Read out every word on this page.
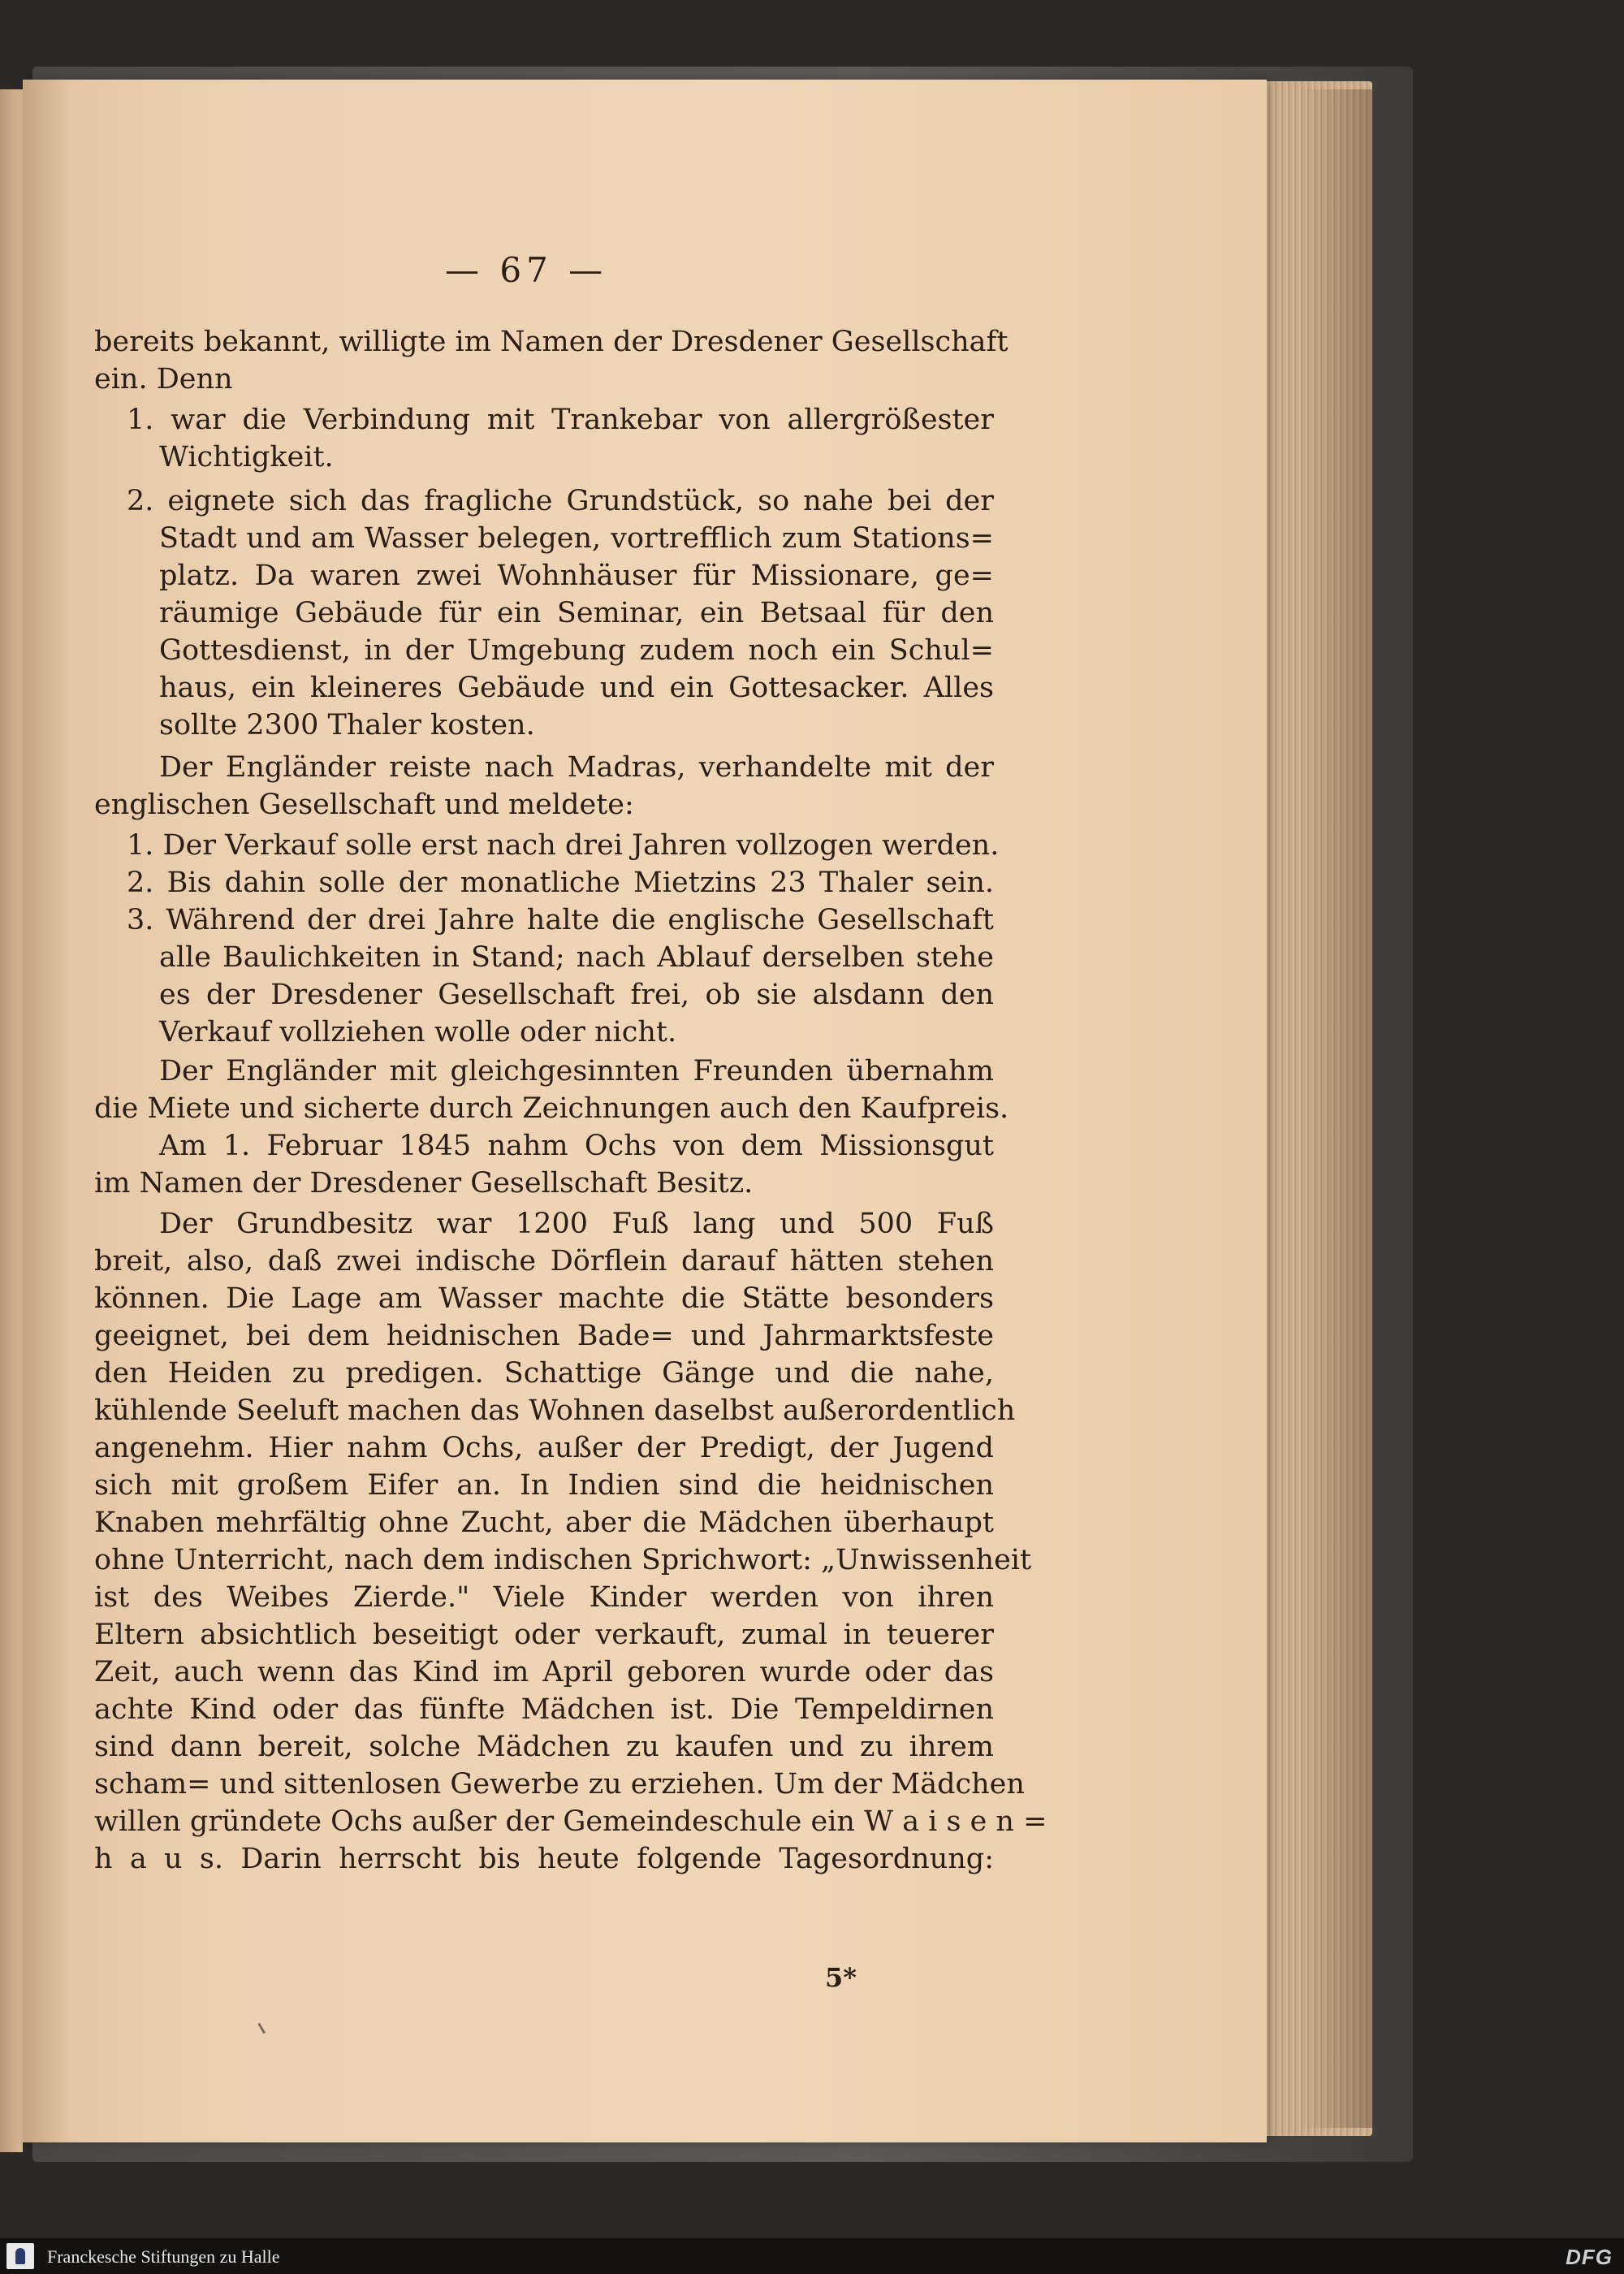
— 67 —
bereits bekannt, willigte im Namen der Dresdener Gesellschaft
ein. Denn
1. war die Verbindung mit Trankebar von allergrößester
Wichtigkeit.
2. eignete sich das fragliche Grundstück, so nahe bei der
Stadt und am Wasser belegen, vortrefflich zum Stations=
platz. Da waren zwei Wohnhäuser für Missionare, ge=
räumige Gebäude für ein Seminar, ein Betsaal für den
Gottesdienst, in der Umgebung zudem noch ein Schul=
haus, ein kleineres Gebäude und ein Gottesacker. Alles
sollte 2300 Thaler kosten.
Der Engländer reiste nach Madras, verhandelte mit der
englischen Gesellschaft und meldete:
1. Der Verkauf solle erst nach drei Jahren vollzogen werden.
2. Bis dahin solle der monatliche Mietzins 23 Thaler sein.
3. Während der drei Jahre halte die englische Gesellschaft
alle Baulichkeiten in Stand; nach Ablauf derselben stehe
es der Dresdener Gesellschaft frei, ob sie alsdann den
Verkauf vollziehen wolle oder nicht.
Der Engländer mit gleichgesinnten Freunden übernahm
die Miete und sicherte durch Zeichnungen auch den Kaufpreis.
Am 1. Februar 1845 nahm Ochs von dem Missionsgut
im Namen der Dresdener Gesellschaft Besitz.
Der Grundbesitz war 1200 Fuß lang und 500 Fuß
breit, also, daß zwei indische Dörflein darauf hätten stehen
können. Die Lage am Wasser machte die Stätte besonders
geeignet, bei dem heidnischen Bade= und Jahrmarktsfeste
den Heiden zu predigen. Schattige Gänge und die nahe,
kühlende Seeluft machen das Wohnen daselbst außerordentlich
angenehm. Hier nahm Ochs, außer der Predigt, der Jugend
sich mit großem Eifer an. In Indien sind die heidnischen
Knaben mehrfältig ohne Zucht, aber die Mädchen überhaupt
ohne Unterricht, nach dem indischen Sprichwort: „Unwissenheit
ist des Weibes Zierde." Viele Kinder werden von ihren
Eltern absichtlich beseitigt oder verkauft, zumal in teuerer
Zeit, auch wenn das Kind im April geboren wurde oder das
achte Kind oder das fünfte Mädchen ist. Die Tempeldirnen
sind dann bereit, solche Mädchen zu kaufen und zu ihrem
scham= und sittenlosen Gewerbe zu erziehen. Um der Mädchen
willen gründete Ochs außer der Gemeindeschule ein W a i s e n =
h a u s. Darin herrscht bis heute folgende Tagesordnung:
5*
Franckesche Stiftungen zu Halle	DFG
